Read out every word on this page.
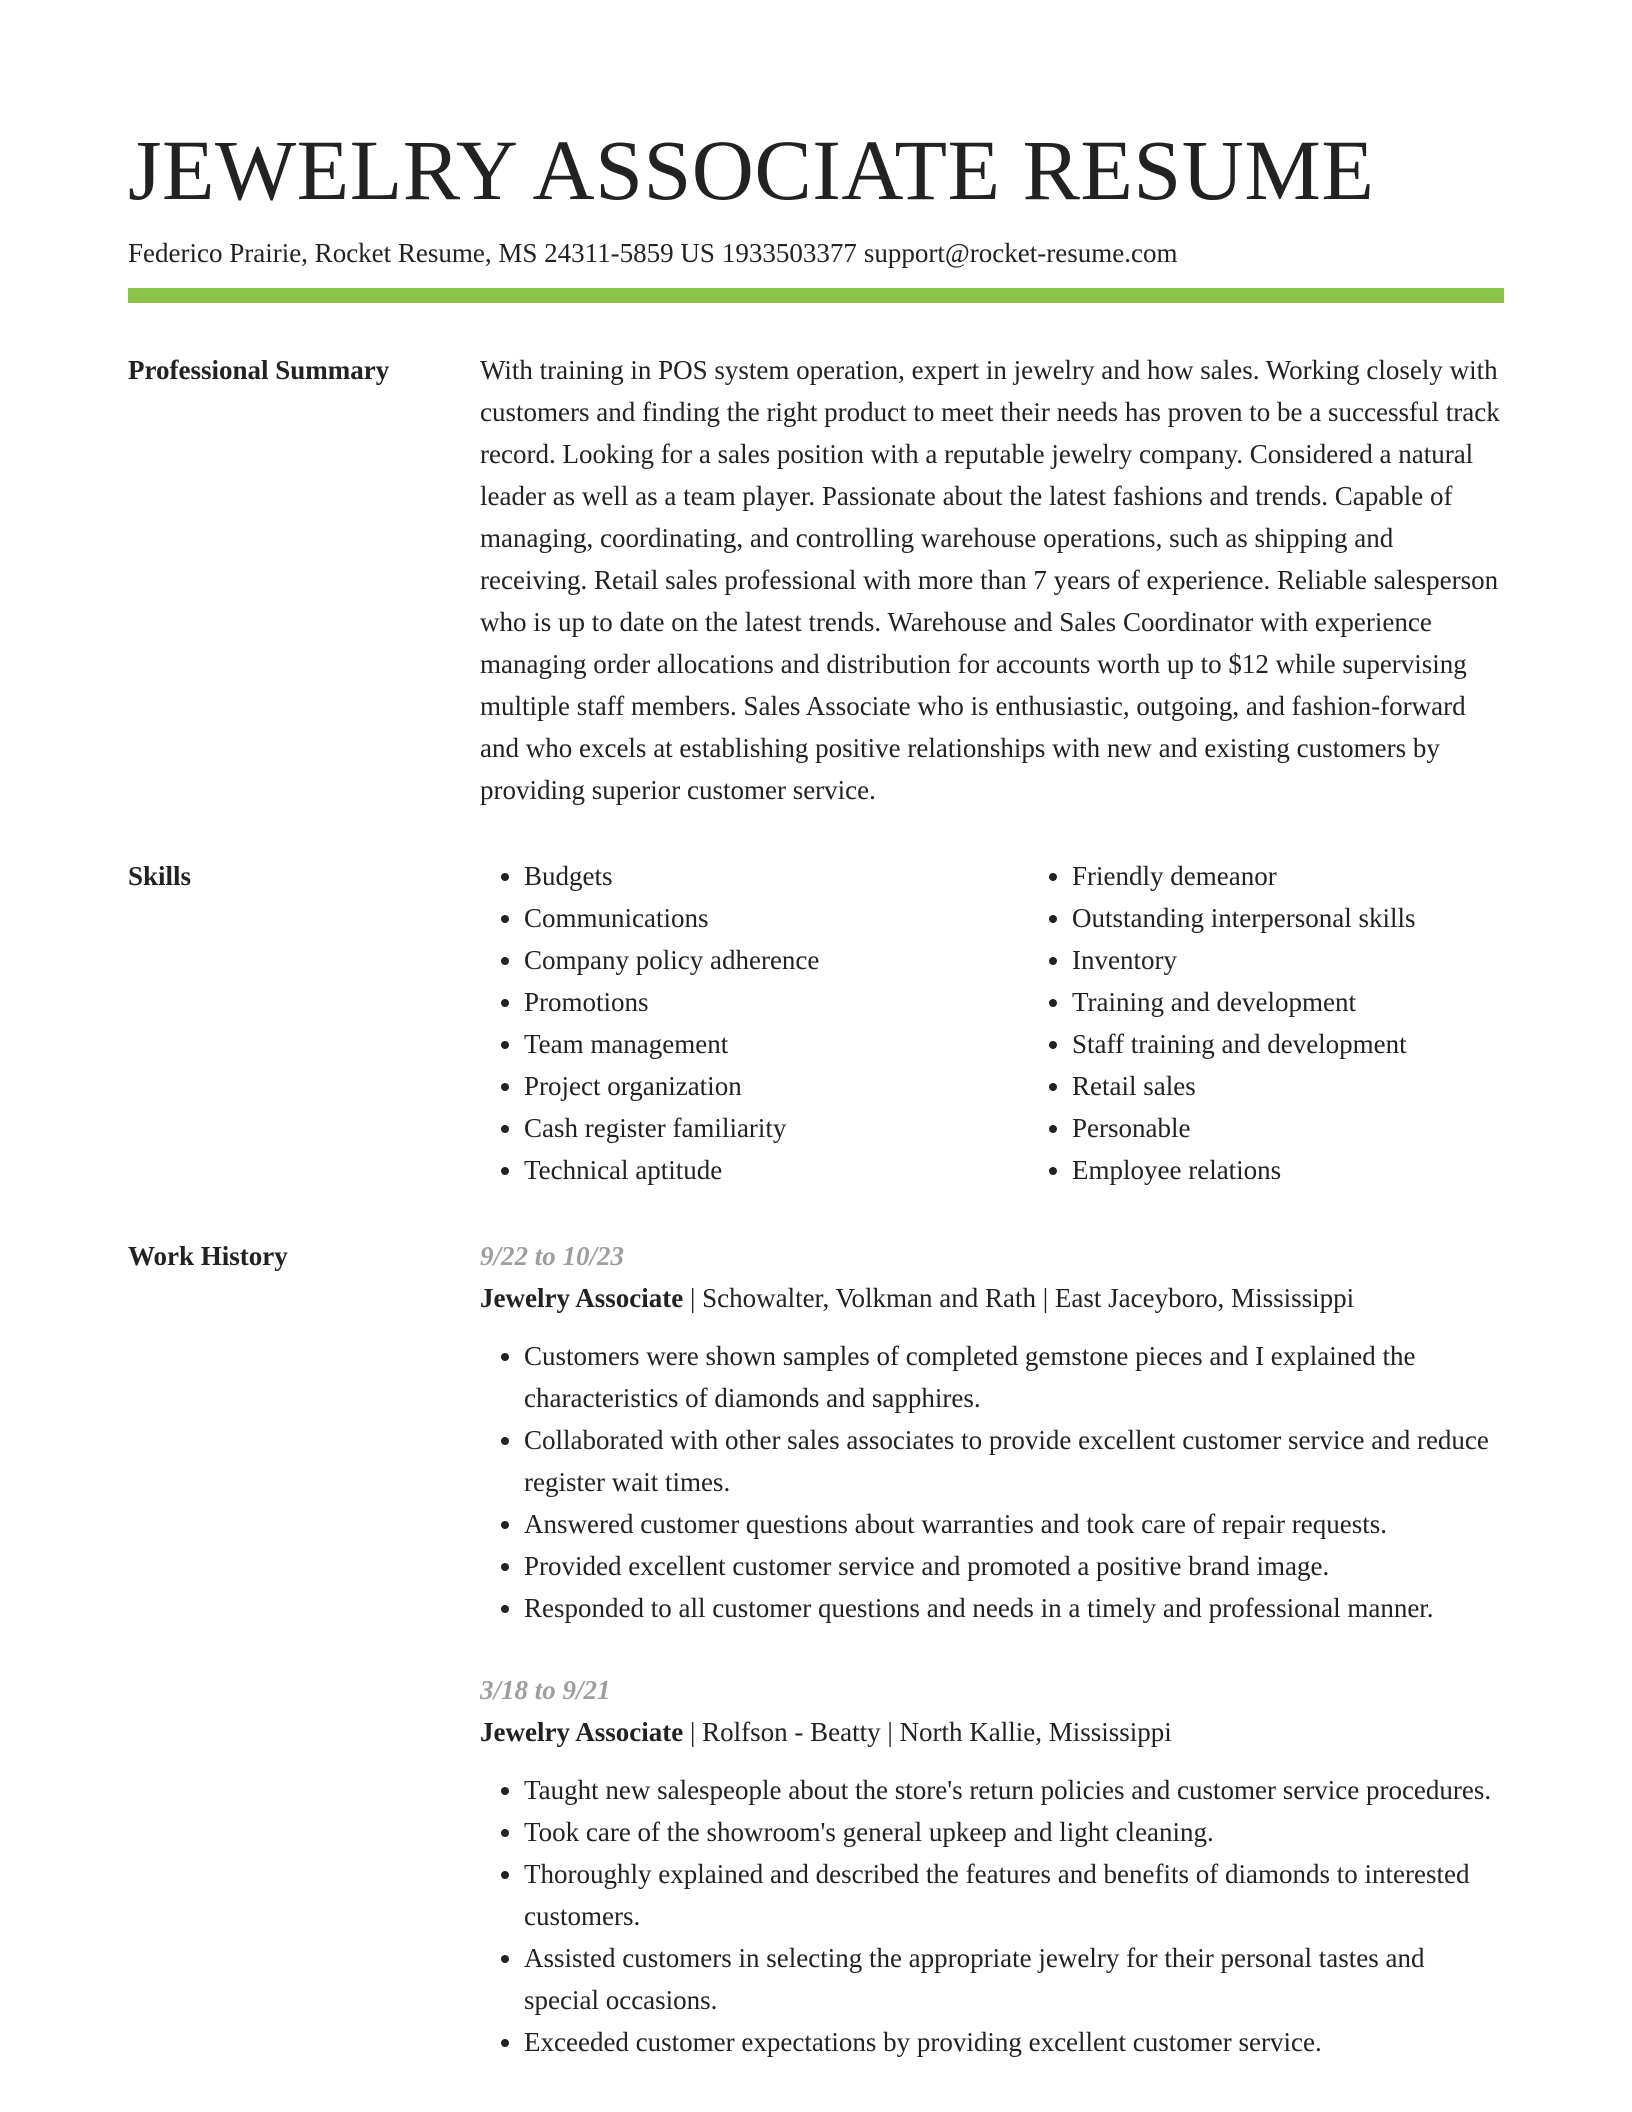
JEWELRY ASSOCIATE RESUME
Federico Prairie, Rocket Resume, MS 24311-5859 US 1933503377 support@rocket-resume.com
Professional Summary	With training in POS system operation, expert in jewelry and how sales. Working closely with customers and finding the right product to meet their needs has proven to be a successful track record. Looking for a sales position with a reputable jewelry company. Considered a natural leader as well as a team player. Passionate about the latest fashions and trends. Capable of managing, coordinating, and controlling warehouse operations, such as shipping and receiving. Retail sales professional with more than 7 years of experience. Reliable salesperson who is up to date on the latest trends. Warehouse and Sales Coordinator with experience managing order allocations and distribution for accounts worth up to $12 while supervising multiple staff members. Sales Associate who is enthusiastic, outgoing, and fashion-forward and who excels at establishing positive relationships with new and existing customers by providing superior customer service.

Skills
•	Budgets
• Communications
• Company policy adherence
• Promotions
• Team management
• Project organization
• Cash register familiarity
• Technical aptitude
• Friendly demeanor
• Outstanding interpersonal skills
• Inventory
• Training and development
• Staff training and development
• Retail sales
• Personable
• Employee relations
Work History	9/22 to 10/23
Jewelry Associate | Schowalter, Volkman and Rath | East Jaceyboro, Mississippi
• Customers were shown samples of completed gemstone pieces and I explained the characteristics of diamonds and sapphires.
• Collaborated with other sales associates to provide excellent customer service and reduce register wait times.
• Answered customer questions about warranties and took care of repair requests.
• Provided excellent customer service and promoted a positive brand image.
• Responded to all customer questions and needs in a timely and professional manner.
3/18 to 9/21
Jewelry Associate | Rolfson - Beatty | North Kallie, Mississippi
• Taught new salespeople about the store's return policies and customer service procedures.
• Took care of the showroom's general upkeep and light cleaning.
• Thoroughly explained and described the features and benefits of diamonds to interested customers.
• Assisted customers in selecting the appropriate jewelry for their personal tastes and special occasions.
• Exceeded customer expectations by providing excellent customer service.
